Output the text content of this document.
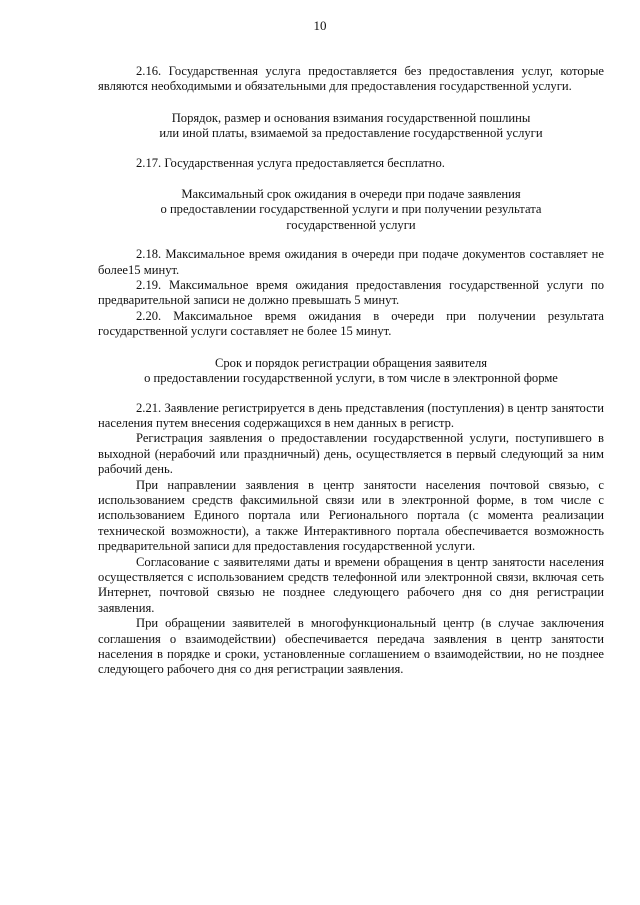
10

2.16. Государственная услуга предоставляется без предоставления услуг, которые являются необходимыми и обязательными для предоставления государственной услуги.

Порядок, размер и основания взимания государственной пошлины
или иной платы, взимаемой за предоставление государственной услуги

2.17. Государственная услуга предоставляется бесплатно.

Максимальный срок ожидания в очереди при подаче заявления
о предоставлении государственной услуги и при получении результата
государственной услуги

2.18. Максимальное время ожидания в очереди при подаче документов составляет не более15 минут.

2.19. Максимальное время ожидания предоставления государственной услуги по предварительной записи не должно превышать 5 минут.

2.20. Максимальное время ожидания в очереди при получении результата государственной услуги составляет не более 15 минут.

Срок и порядок регистрации обращения заявителя
о предоставлении государственной услуги, в том числе в электронной форме

2.21. Заявление регистрируется в день представления (поступления) в центр занятости населения путем внесения содержащихся в нем данных в регистр.

Регистрация заявления о предоставлении государственной услуги, поступившего в выходной (нерабочий или праздничный) день, осуществляется в первый следующий за ним рабочий день.

При направлении заявления в центр занятости населения почтовой связью, с использованием средств факсимильной связи или в электронной форме, в том числе с использованием Единого портала или Регионального портала (с момента реализации технической возможности), а также Интерактивного портала обеспечивается возможность предварительной записи для предоставления государственной услуги.

Согласование с заявителями даты и времени обращения в центр занятости населения осуществляется с использованием средств телефонной или электронной связи, включая сеть Интернет, почтовой связью не позднее следующего рабочего дня со дня регистрации заявления.

При обращении заявителей в многофункциональный центр (в случае заключения соглашения о взаимодействии) обеспечивается передача заявления в центр занятости населения в порядке и сроки, установленные соглашением о взаимодействии, но не позднее следующего рабочего дня со дня регистрации заявления.
